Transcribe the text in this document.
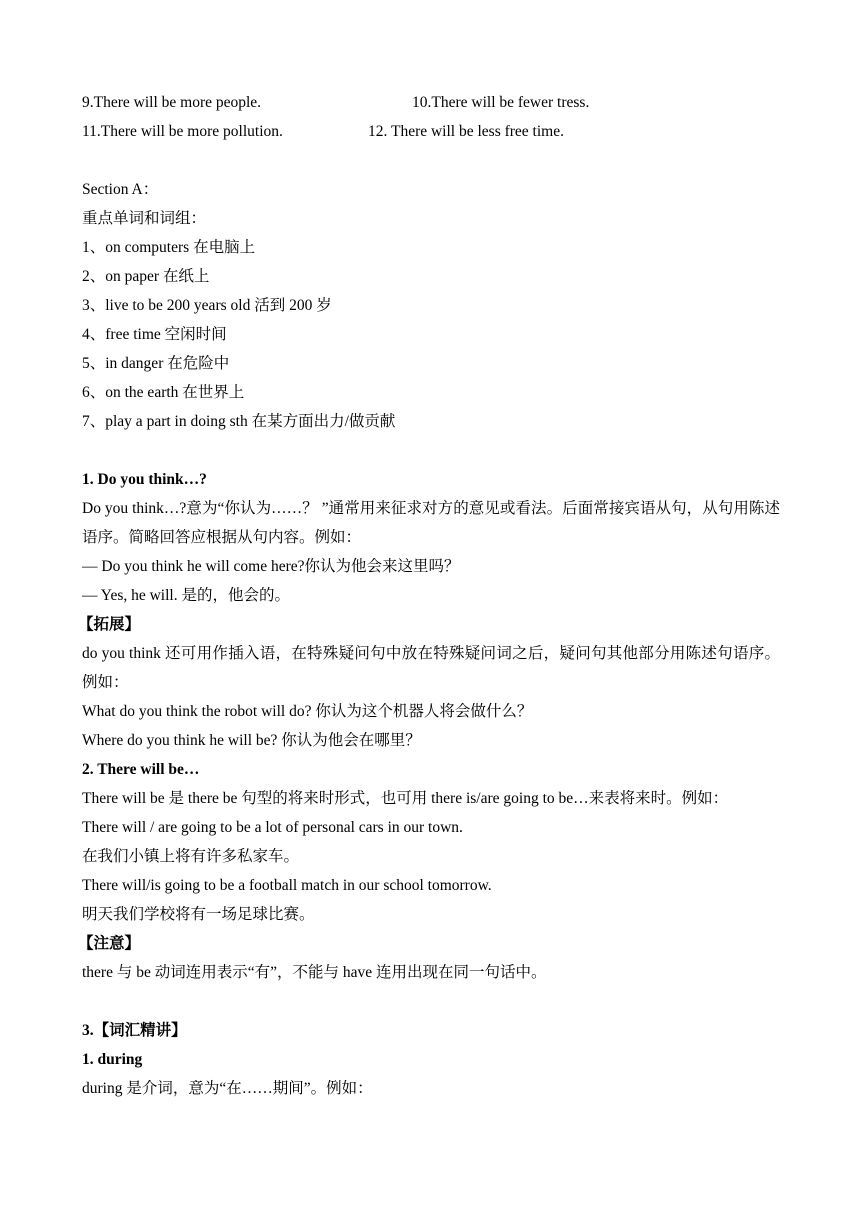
9.There will be more people.	10.There will be fewer tress.
11.There will be more pollution.	12. There will be less free time.
Section A：
重点单词和词组：
1、on computers 在电脑上
2、on paper 在纸上
3、live to be 200 years old 活到 200 岁
4、free time 空闲时间
5、in danger 在危险中
6、on the earth 在世界上
7、play a part in doing sth 在某方面出力/做贡献
1. Do you think…?
Do you think…?意为“你认为……？ ”通常用来征求对方的意见或看法。后面常接宾语从句，从句用陈述语序。简略回答应根据从句内容。例如：
— Do you think he will come here?你认为他会来这里吗？
— Yes, he will. 是的，他会的。
【拓展】
do you think 还可用作插入语，在特殊疑问句中放在特殊疑问词之后，疑问句其他部分用陈述句语序。例如：
What do you think the robot will do? 你认为这个机器人将会做什么？
Where do you think he will be? 你认为他会在哪里？
2. There will be…
There will be 是 there be 句型的将来时形式，也可用 there is/are going to be…来表将来时。例如：
There will / are going to be a lot of personal cars in our town.
在我们小镇上将有许多私家车。
There will/is going to be a football match in our school tomorrow.
明天我们学校将有一场足球比赛。
【注意】
there 与 be 动词连用表示“有”，不能与 have 连用出现在同一句话中。
3.【词汇精讲】
1. during
during 是介词，意为“在……期间”。例如：
